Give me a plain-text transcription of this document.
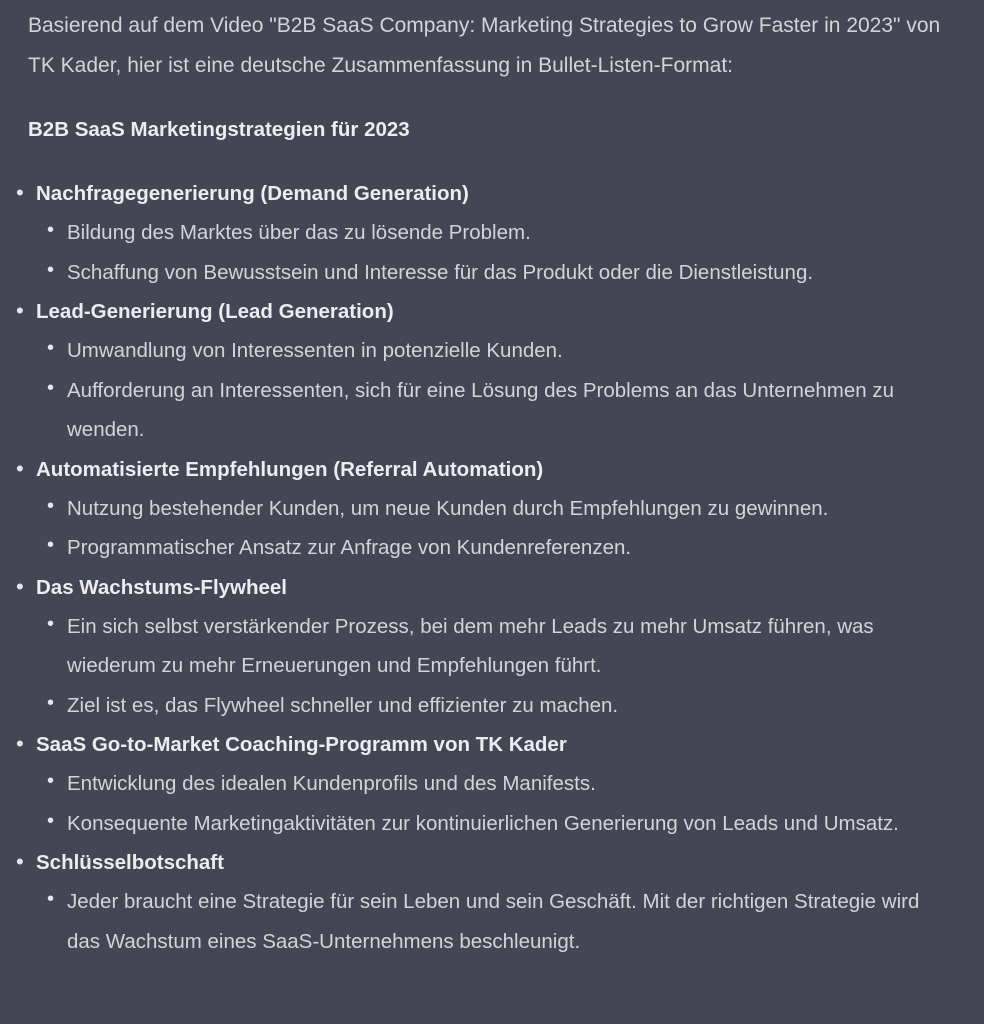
Basierend auf dem Video "B2B SaaS Company: Marketing Strategies to Grow Faster in 2023" von TK Kader, hier ist eine deutsche Zusammenfassung in Bullet-Listen-Format:

B2B SaaS Marketingstrategien für 2023

• Nachfragegenerierung (Demand Generation)
• Bildung des Marktes über das zu lösende Problem.
• Schaffung von Bewusstsein und Interesse für das Produkt oder die Dienstleistung.
• Lead-Generierung (Lead Generation)
• Umwandlung von Interessenten in potenzielle Kunden.
• Aufforderung an Interessenten, sich für eine Lösung des Problems an das Unternehmen zu wenden.
• Automatisierte Empfehlungen (Referral Automation)
• Nutzung bestehender Kunden, um neue Kunden durch Empfehlungen zu gewinnen.
• Programmatischer Ansatz zur Anfrage von Kundenreferenzen.
• Das Wachstums-Flywheel
• Ein sich selbst verstärkender Prozess, bei dem mehr Leads zu mehr Umsatz führen, was wiederum zu mehr Erneuerungen und Empfehlungen führt.
• Ziel ist es, das Flywheel schneller und effizienter zu machen.
• SaaS Go-to-Market Coaching-Programm von TK Kader
• Entwicklung des idealen Kundenprofils und des Manifests.
• Konsequente Marketingaktivitäten zur kontinuierlichen Generierung von Leads und Umsatz.
• Schlüsselbotschaft
• Jeder braucht eine Strategie für sein Leben und sein Geschäft. Mit der richtigen Strategie wird das Wachstum eines SaaS-Unternehmens beschleunigt.
